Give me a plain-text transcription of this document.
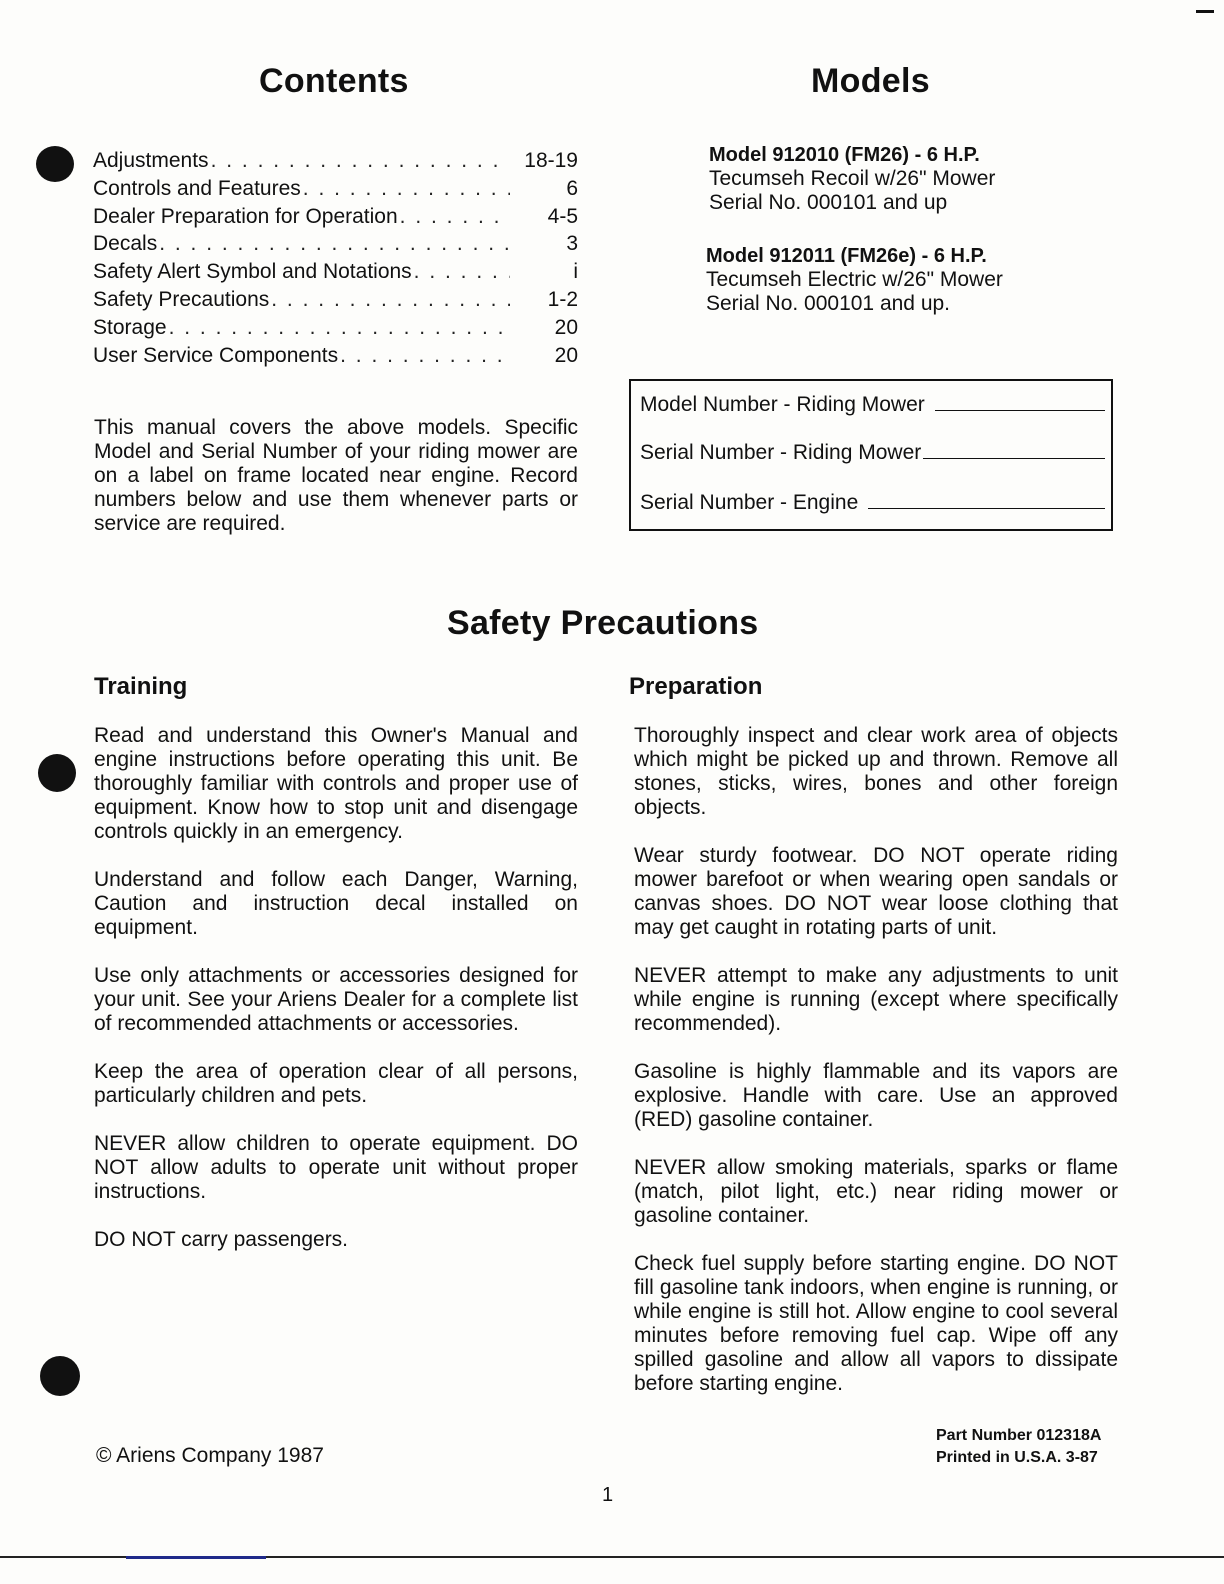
Contents
Adjustments . . .	18-19
Controls and Features . . .	6
Dealer Preparation for Operation . . .	4-5
Decals . . .	3
Safety Alert Symbol and Notations . . .	i
Safety Precautions . . .	1-2
Storage . . .	20
User Service Components . . .	20
This manual covers the above models. Specific Model and Serial Number of your riding mower are on a label on frame located near engine. Record numbers below and use them whenever parts or service are required.
Models
Model 912010 (FM26) - 6 H.P.
Tecumseh Recoil w/26" Mower
Serial No. 000101 and up
Model 912011 (FM26e) - 6 H.P.
Tecumseh Electric w/26" Mower
Serial No. 000101 and up.
Model Number - Riding Mower
Serial Number - Riding Mower
Serial Number - Engine
Safety Precautions
Training

Read and understand this Owner's Manual and engine instructions before operating this unit. Be thoroughly familiar with controls and proper use of equipment. Know how to stop unit and disengage controls quickly in an emergency.

Understand and follow each Danger, Warning, Caution and instruction decal installed on equipment.

Use only attachments or accessories designed for your unit. See your Ariens Dealer for a complete list of recommended attachments or accessories.

Keep the area of operation clear of all persons, particularly children and pets.

NEVER allow children to operate equipment. DO NOT allow adults to operate unit without proper instructions.

DO NOT carry passengers.

Preparation

Thoroughly inspect and clear work area of objects which might be picked up and thrown. Remove all stones, sticks, wires, bones and other foreign objects.

Wear sturdy footwear. DO NOT operate riding mower barefoot or when wearing open sandals or canvas shoes. DO NOT wear loose clothing that may get caught in rotating parts of unit.

NEVER attempt to make any adjustments to unit while engine is running (except where specifically recommended).

Gasoline is highly flammable and its vapors are explosive. Handle with care. Use an approved (RED) gasoline container.

NEVER allow smoking materials, sparks or flame (match, pilot light, etc.) near riding mower or gasoline container.

Check fuel supply before starting engine. DO NOT fill gasoline tank indoors, when engine is running, or while engine is still hot. Allow engine to cool several minutes before removing fuel cap. Wipe off any spilled gasoline and allow all vapors to dissipate before starting engine.

© Ariens Company 1987
Part Number 012318A
Printed in U.S.A. 3-87
1
